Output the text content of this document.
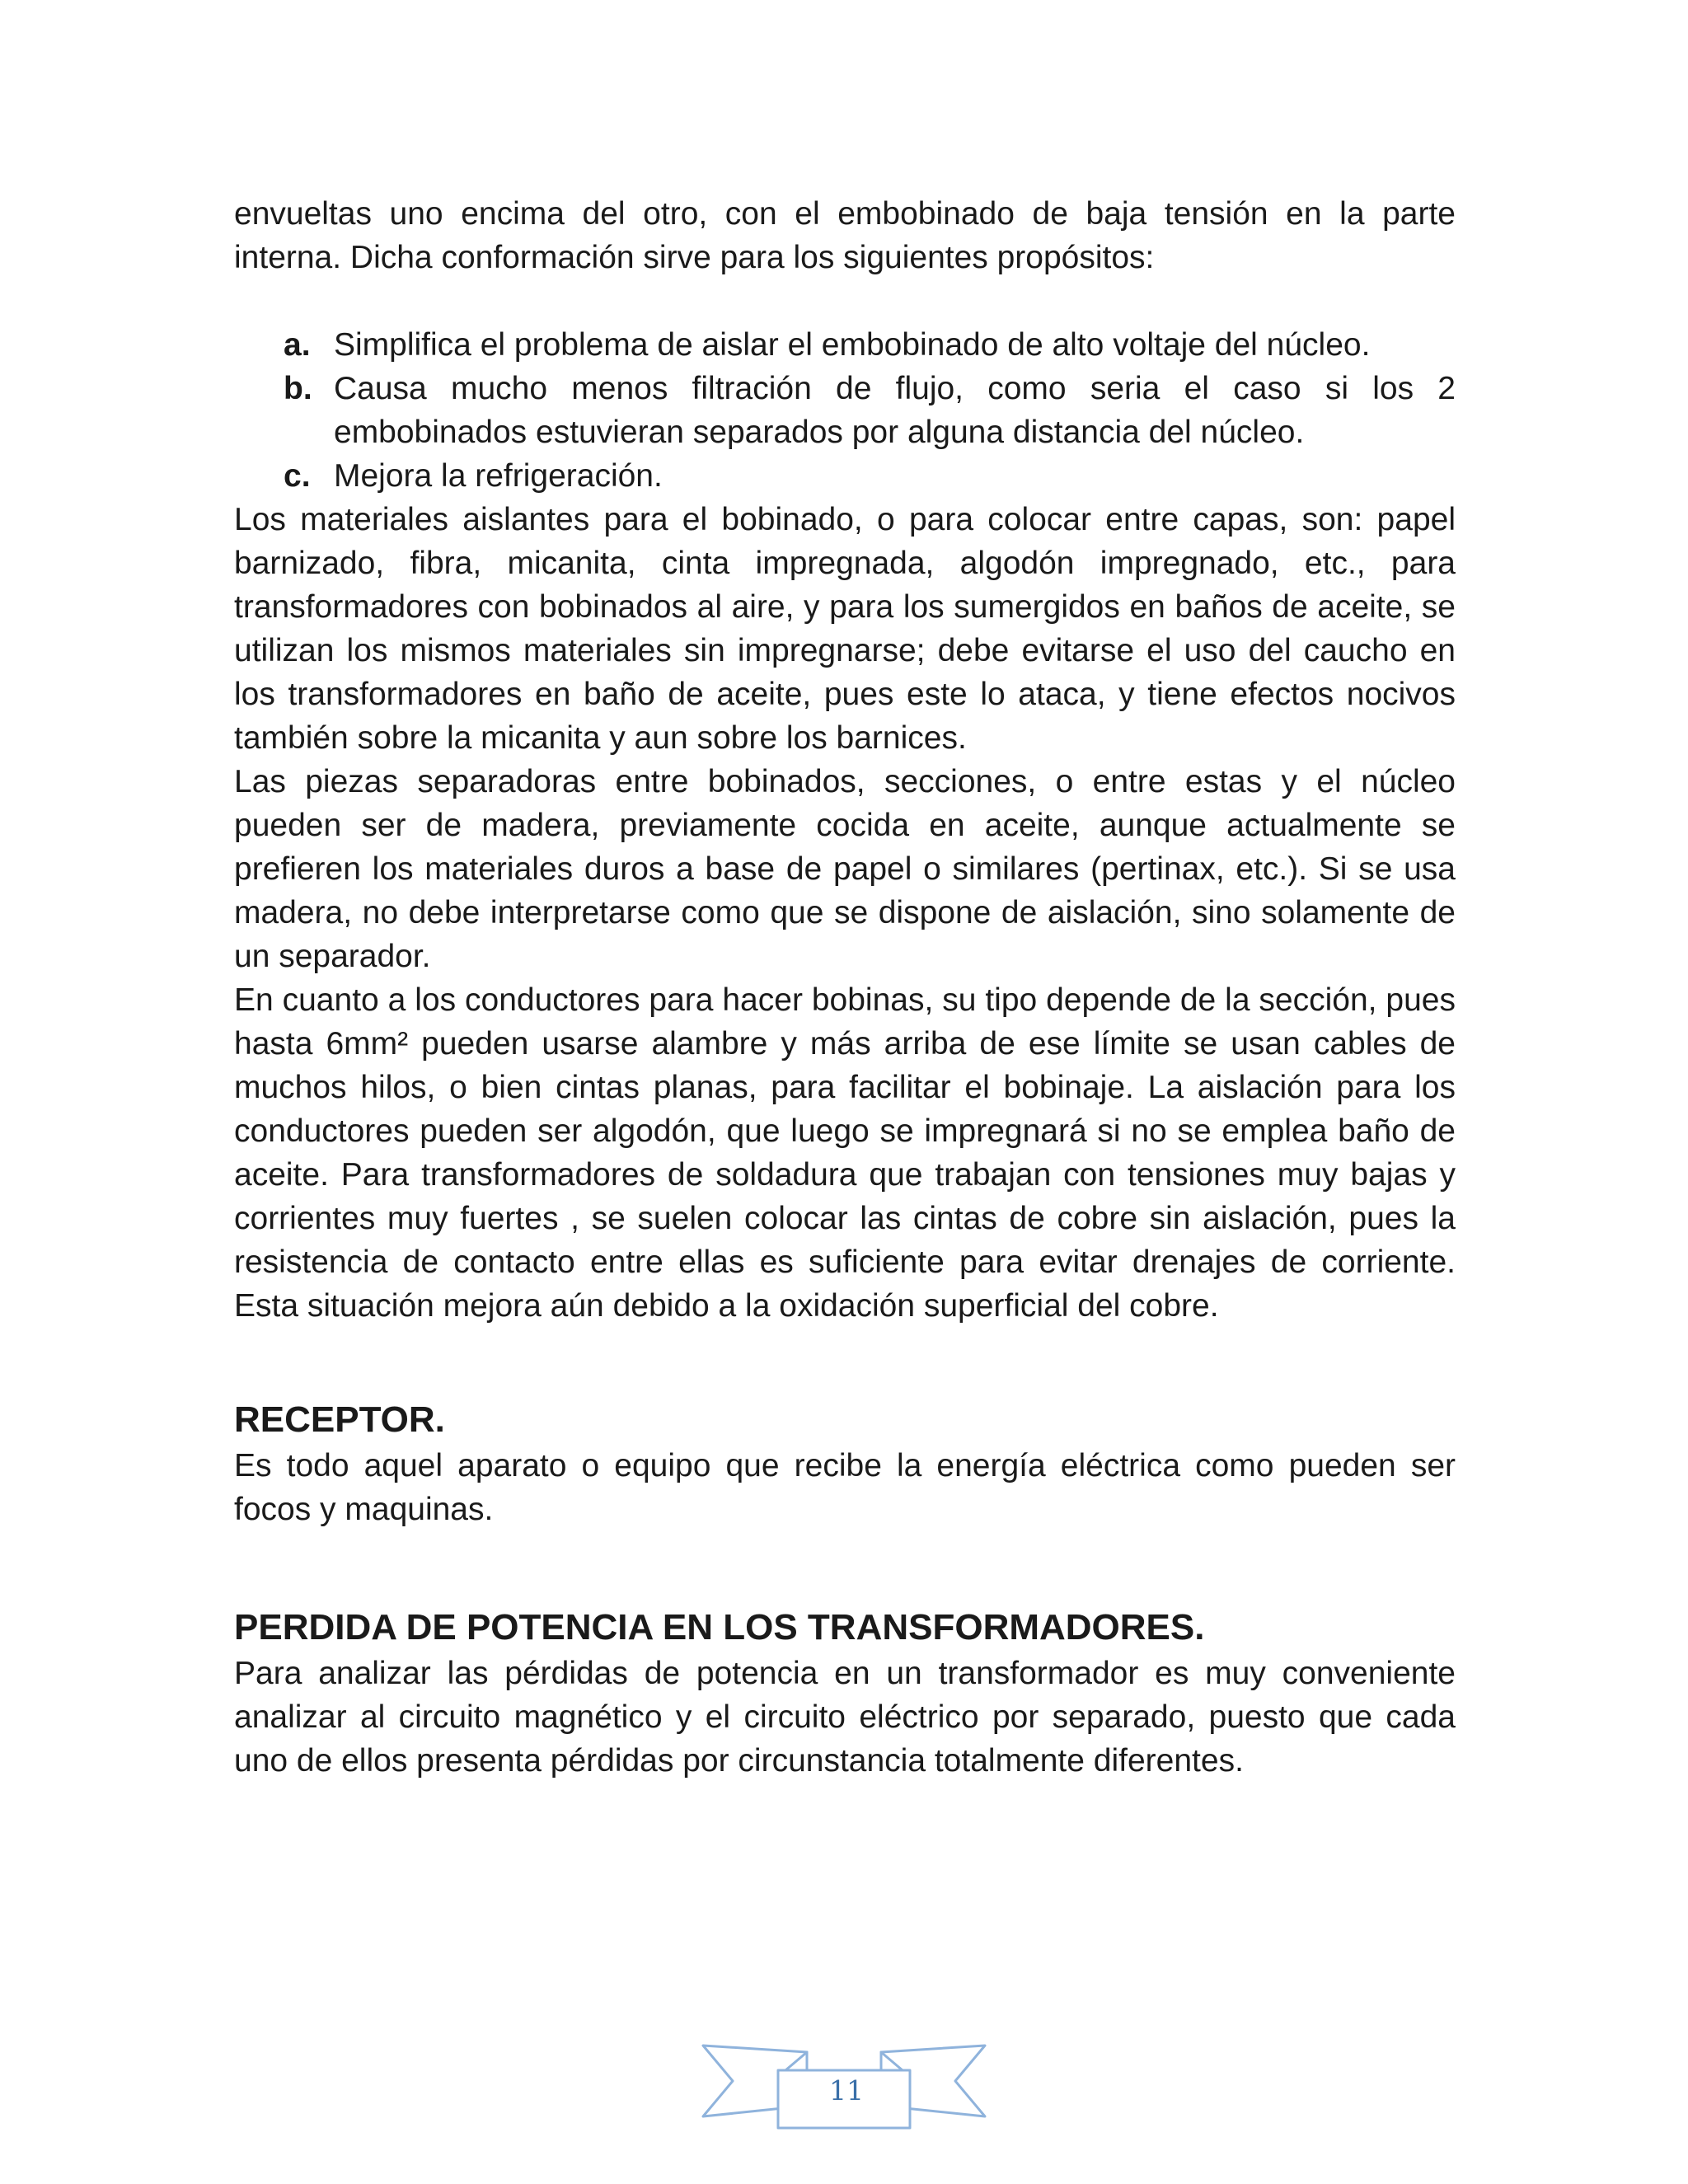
envueltas uno encima del otro, con el embobinado de baja tensión en la parte interna. Dicha conformación sirve para los siguientes propósitos:

a. Simplifica el problema de aislar el embobinado de alto voltaje del núcleo.
b. Causa mucho menos filtración de flujo, como seria el caso si los 2 embobinados estuvieran separados por alguna distancia del núcleo.
c. Mejora la refrigeración.

Los materiales aislantes para el bobinado, o para colocar entre capas, son: papel barnizado, fibra, micanita, cinta impregnada, algodón impregnado, etc., para transformadores con bobinados al aire, y para los sumergidos en baños de aceite, se utilizan los mismos materiales sin impregnarse; debe evitarse el uso del caucho en los transformadores en baño de aceite, pues este lo ataca, y tiene efectos nocivos también sobre la micanita y aun sobre los barnices.

Las piezas separadoras entre bobinados, secciones, o entre estas y el núcleo pueden ser de madera, previamente cocida en aceite, aunque actualmente se prefieren los materiales duros a base de papel o similares (pertinax, etc.). Si se usa madera, no debe interpretarse como que se dispone de aislación, sino solamente de un separador.

En cuanto a los conductores para hacer bobinas, su tipo depende de la sección, pues hasta 6mm² pueden usarse alambre y más arriba de ese límite se usan cables de muchos hilos, o bien cintas planas, para facilitar el bobinaje. La aislación para los conductores pueden ser algodón, que luego se impregnará si no se emplea baño de aceite. Para transformadores de soldadura que trabajan con tensiones muy bajas y corrientes muy fuertes , se suelen colocar las cintas de cobre sin aislación, pues la resistencia de contacto entre ellas es suficiente para evitar drenajes de corriente. Esta situación mejora aún debido a la oxidación superficial del cobre.

RECEPTOR.

Es todo aquel aparato o equipo que recibe la energía eléctrica como pueden ser focos y maquinas.

PERDIDA DE POTENCIA EN LOS TRANSFORMADORES.

Para analizar las pérdidas de potencia en un transformador es muy conveniente analizar al circuito magnético y el circuito eléctrico por separado, puesto que cada uno de ellos presenta pérdidas por circunstancia totalmente diferentes.

11
